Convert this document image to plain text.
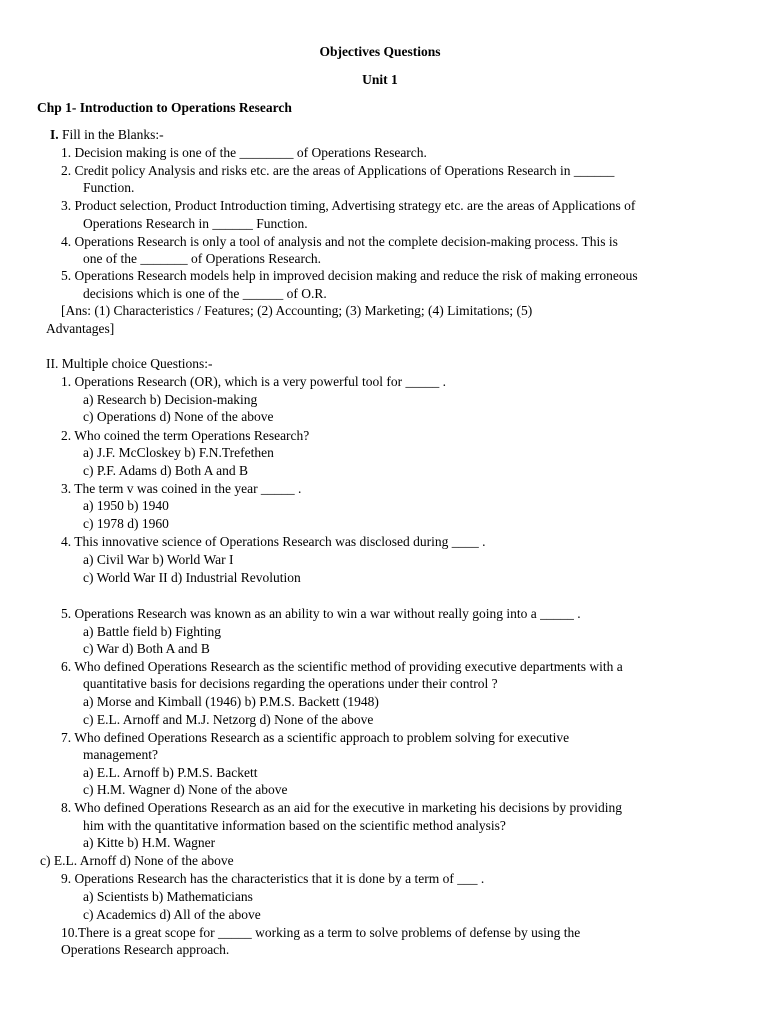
Objectives Questions
Unit 1
Chp 1- Introduction to Operations Research
I. Fill in the Blanks:-
1. Decision making is one of the ________ of Operations Research.
2. Credit policy Analysis and risks etc. are the areas of Applications of Operations Research in ______
Function.
3. Product selection, Product Introduction timing, Advertising strategy etc. are the areas of Applications of
Operations Research in ______ Function.
4. Operations Research is only a tool of analysis and not the complete decision-making process. This is
one of the _______ of Operations Research.
5. Operations Research models help in improved decision making and reduce the risk of making erroneous
decisions which is one of the ______ of O.R.
[Ans: (1) Characteristics / Features; (2) Accounting; (3) Marketing; (4) Limitations; (5)
Advantages]
II. Multiple choice Questions:-
1. Operations Research (OR), which is a very powerful tool for _____ .
a) Research b) Decision-making
c) Operations d) None of the above
2. Who coined the term Operations Research?
a) J.F. McCloskey b) F.N.Trefethen
c) P.F. Adams d) Both A and B
3. The term v was coined in the year _____ .
a) 1950 b) 1940
c) 1978 d) 1960
4. This innovative science of Operations Research was disclosed during ____ .
a) Civil War b) World War I
c) World War II d) Industrial Revolution
5. Operations Research was known as an ability to win a war without really going into a _____ .
a) Battle field b) Fighting
c) War d) Both A and B
6. Who defined Operations Research as the scientific method of providing executive departments with a
quantitative basis for decisions regarding the operations under their control ?
a) Morse and Kimball (1946) b) P.M.S. Backett (1948)
c) E.L. Arnoff and M.J. Netzorg d) None of the above
7. Who defined Operations Research as a scientific approach to problem solving for executive
management?
a) E.L. Arnoff b) P.M.S. Backett
c) H.M. Wagner d) None of the above
8. Who defined Operations Research as an aid for the executive in marketing his decisions by providing
him with the quantitative information based on the scientific method analysis?
a) Kitte b) H.M. Wagner
c) E.L. Arnoff d) None of the above
9. Operations Research has the characteristics that it is done by a term of ___ .
a) Scientists b) Mathematicians
c) Academics d) All of the above
10.There is a great scope for _____ working as a term to solve problems of defense by using the
Operations Research approach.
